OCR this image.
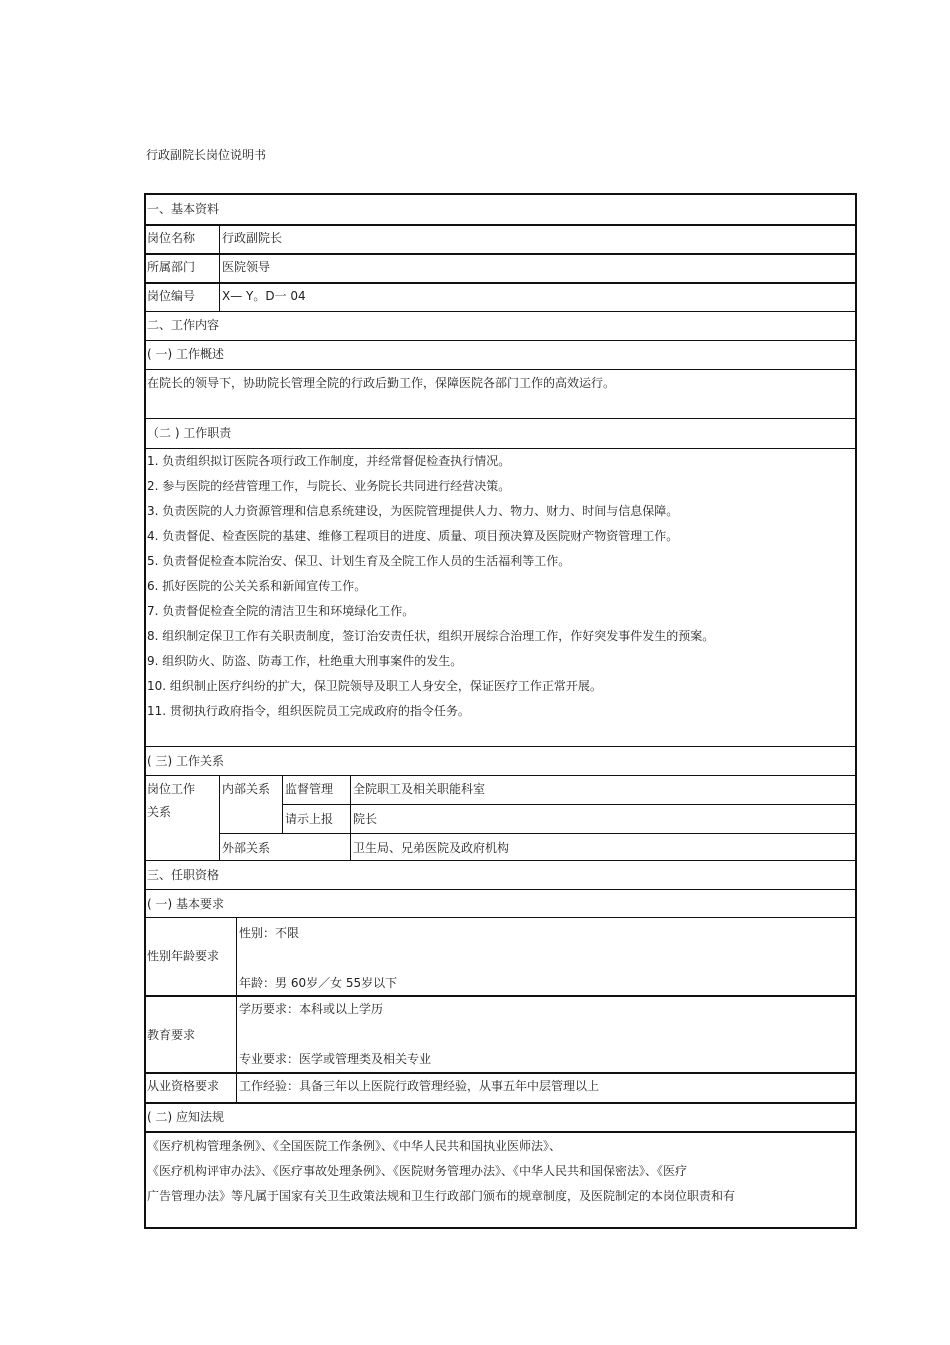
行政副院长岗位说明书
一、基本资料
岗位名称 行政副院长
所属部门 医院领导
岗位编号 X— Y。D一 04
二、工作内容
( 一) 工作概述
在院长的领导下，协助院长管理全院的行政后勤工作，保障医院各部门工作的高效运行。
（二 ) 工作职责
1. 负责组织拟订医院各项行政工作制度，并经常督促检查执行情况。
2. 参与医院的经营管理工作，与院长、业务院长共同进行经营决策。
3. 负责医院的人力资源管理和信息系统建设，为医院管理提供人力、物力、财力、时间与信息保障。
4. 负责督促、检查医院的基建、维修工程项目的进度、质量、项目预决算及医院财产物资管理工作。
5. 负责督促检查本院治安、保卫、计划生育及全院工作人员的生活福利等工作。
6. 抓好医院的公关关系和新闻宣传工作。
7. 负责督促检查全院的清洁卫生和环境绿化工作。
8. 组织制定保卫工作有关职责制度，签订治安责任状，组织开展综合治理工作，作好突发事件发生的预案。
9. 组织防火、防盗、防毒工作，杜绝重大刑事案件的发生。
10. 组织制止医疗纠纷的扩大，保卫院领导及职工人身安全，保证医疗工作正常开展。
11. 贯彻执行政府指令，组织医院员工完成政府的指令任务。
( 三) 工作关系
岗位工作
关系
内部关系 监督管理 全院职工及相关职能科室
请示上报 院长
外部关系	卫生局、兄弟医院及政府机构
三、任职资格
( 一) 基本要求
性别年龄要求
性别：不限
年龄：男 60岁／女 55岁以下
教育要求
学历要求：本科或以上学历
专业要求：医学或管理类及相关专业
从业资格要求 工作经验：具备三年以上医院行政管理经验，从事五年中层管理以上
( 二) 应知法规
《医疗机构管理条例》、《全国医院工作条例》、《中华人民共和国执业医师法》、
《医疗机构评审办法》、《医疗事故处理条例》、《医院财务管理办法》、《中华人民共和国保密法》、《医疗
广告管理办法》等凡属于国家有关卫生政策法规和卫生行政部门颁布的规章制度，及医院制定的本岗位职责和有
